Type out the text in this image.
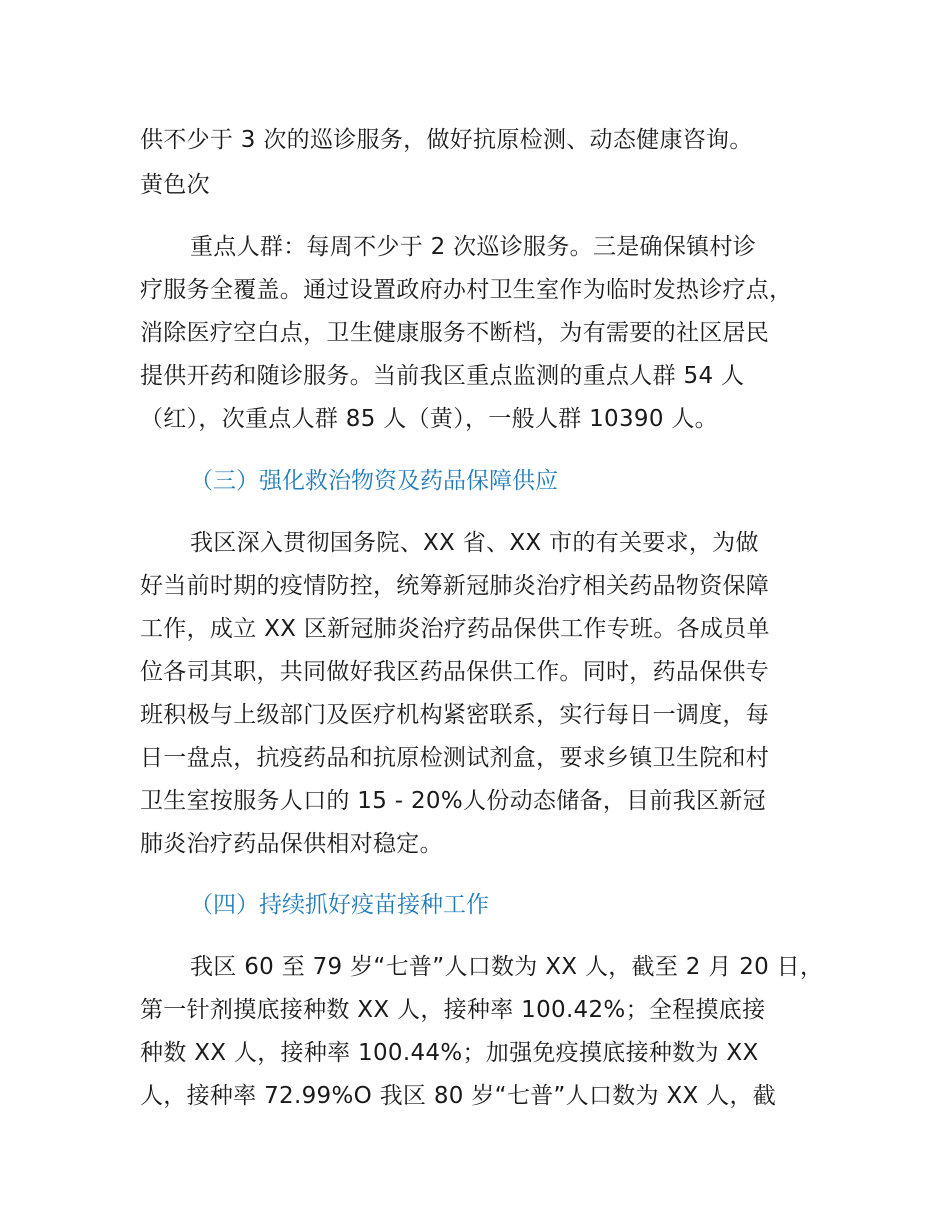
供不少于 3 次的巡诊服务，做好抗原检测、动态健康咨询。
黄色次
重点人群：每周不少于 2 次巡诊服务。三是确保镇村诊
疗服务全覆盖。通过设置政府办村卫生室作为临时发热诊疗点，
消除医疗空白点，卫生健康服务不断档，为有需要的社区居民
提供开药和随诊服务。当前我区重点监测的重点人群 54 人
（红），次重点人群 85 人（黄），一般人群 10390 人。
（三）强化救治物资及药品保障供应
我区深入贯彻国务院、XX 省、XX 市的有关要求，为做
好当前时期的疫情防控，统筹新冠肺炎治疗相关药品物资保障
工作，成立 XX 区新冠肺炎治疗药品保供工作专班。各成员单
位各司其职，共同做好我区药品保供工作。同时，药品保供专
班积极与上级部门及医疗机构紧密联系，实行每日一调度，每
日一盘点，抗疫药品和抗原检测试剂盒，要求乡镇卫生院和村
卫生室按服务人口的 15 - 20%人份动态储备，目前我区新冠
肺炎治疗药品保供相对稳定。
（四）持续抓好疫苗接种工作
我区 60 至 79 岁“七普”人口数为 XX 人，截至 2 月 20 日，
第一针剂摸底接种数 XX 人，接种率 100.42%；全程摸底接
种数 XX 人，接种率 100.44%；加强免疫摸底接种数为 XX
人，接种率 72.99%O 我区 80 岁“七普”人口数为 XX 人，截
